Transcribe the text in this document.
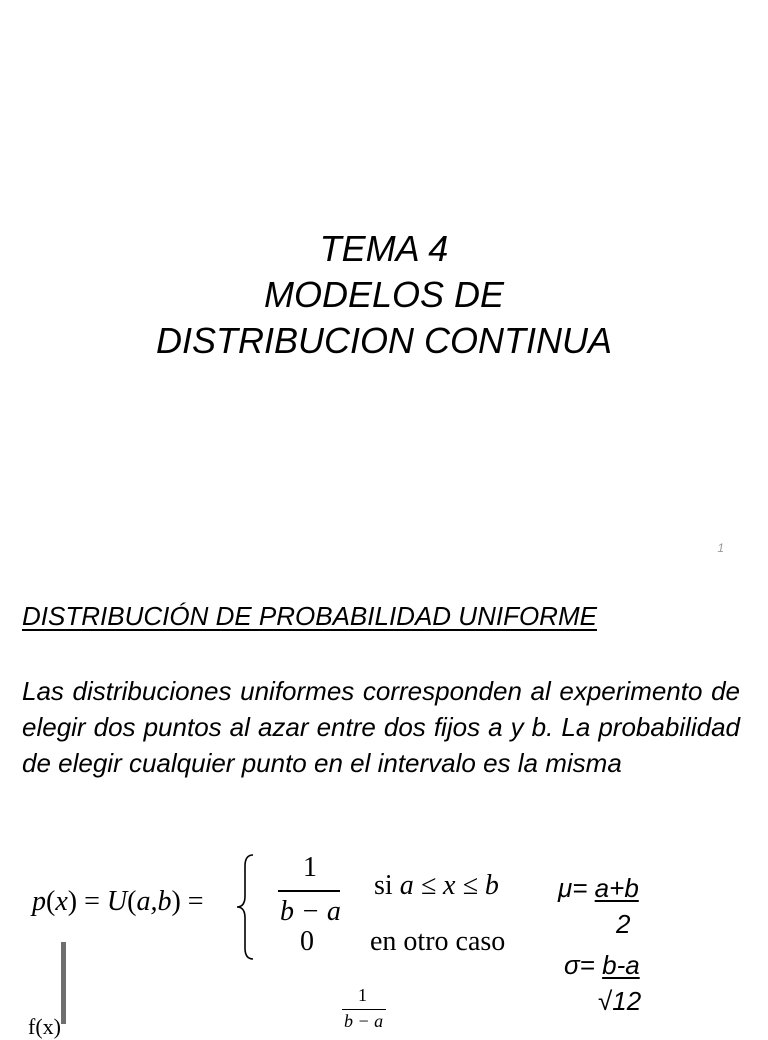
TEMA 4
MODELOS DE
DISTRIBUCION CONTINUA
1
DISTRIBUCIÓN DE PROBABILIDAD UNIFORME
Las distribuciones uniformes corresponden al experimento de elegir dos puntos al azar entre dos fijos a y b. La probabilidad de elegir cualquier punto en el intervalo es la misma
p(x) = U(a,b) =
1
b − a
0
si a ≤ x ≤ b
en otro caso
μ= a+b
2
σ= b-a
√12
1
b − a
f(x)
